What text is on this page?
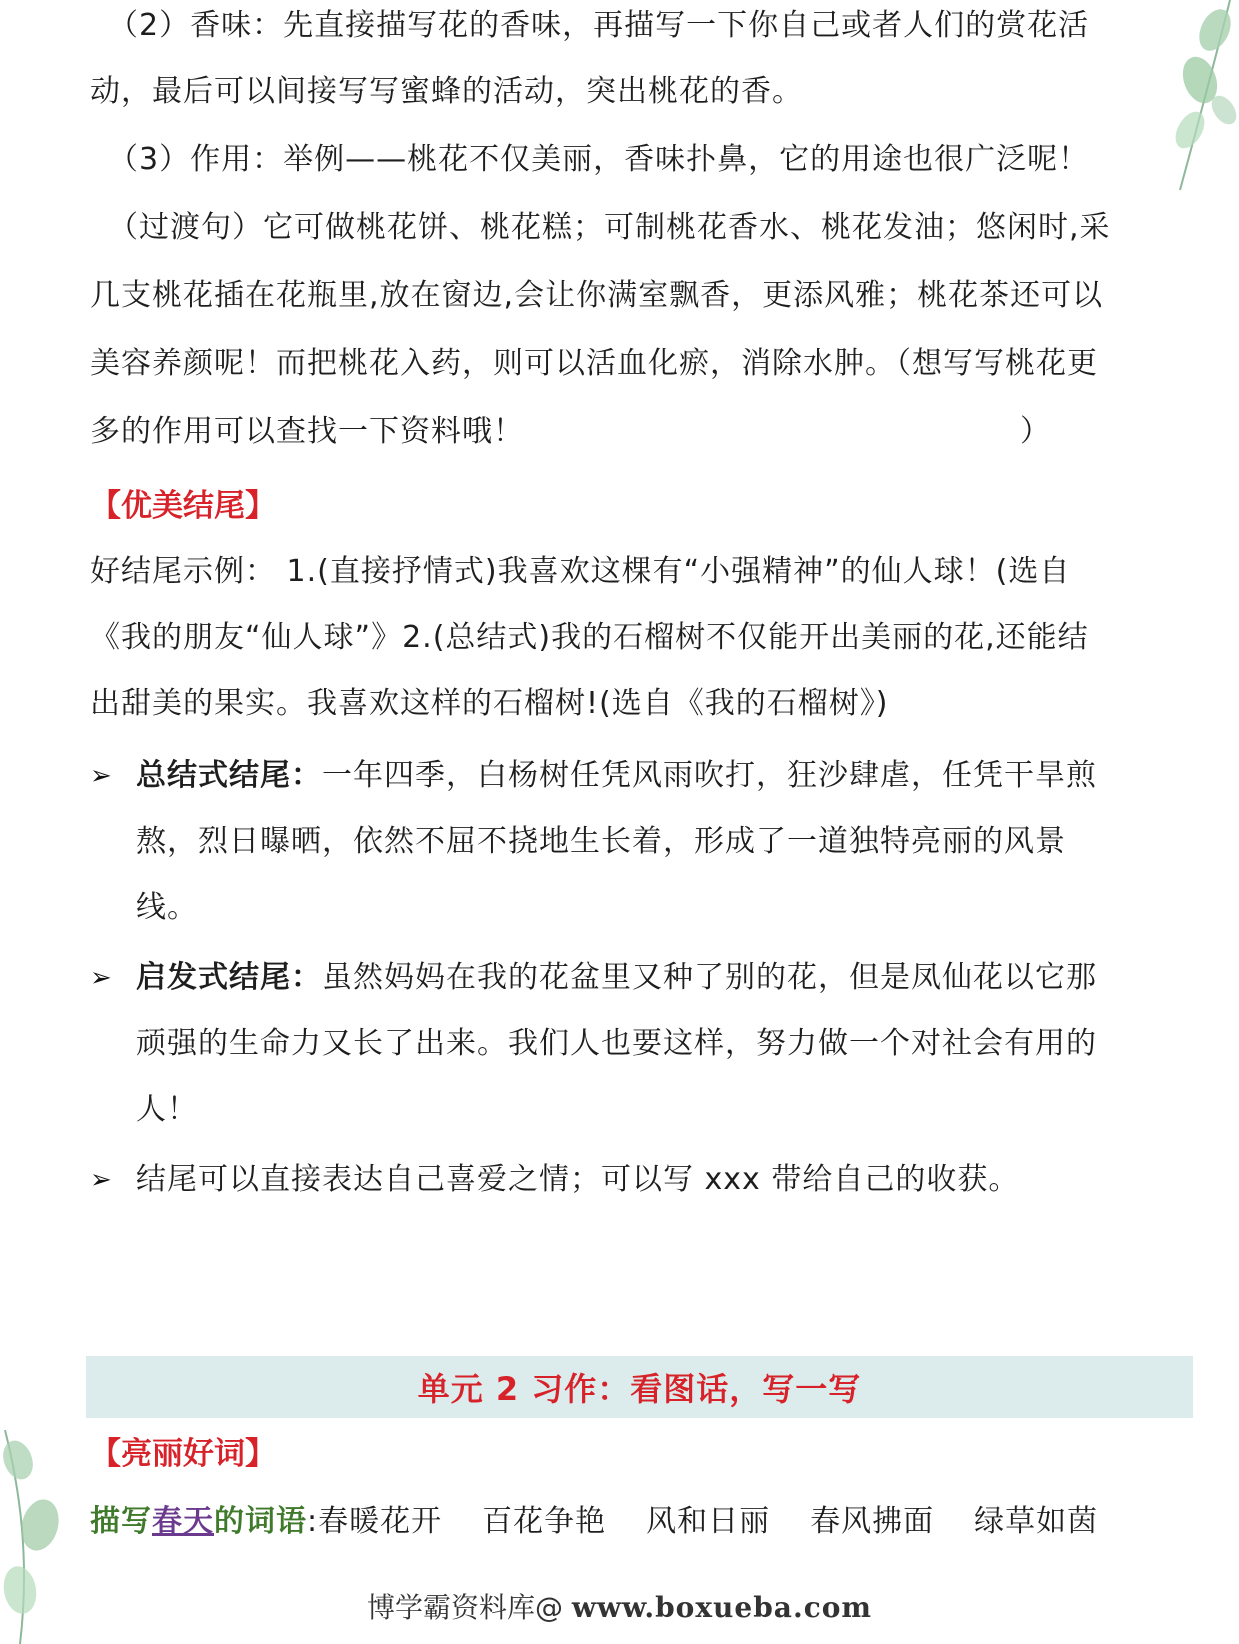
（2）香味：先直接描写花的香味，再描写一下你自己或者人们的赏花活
动，最后可以间接写写蜜蜂的活动，突出桃花的香。
（3）作用：举例——桃花不仅美丽，香味扑鼻，它的用途也很广泛呢！
（过渡句）它可做桃花饼、桃花糕；可制桃花香水、桃花发油；悠闲时,采
几支桃花插在花瓶里,放在窗边,会让你满室飘香，更添风雅；桃花茶还可以
美容养颜呢！而把桃花入药，则可以活血化瘀，消除水肿。（想写写桃花更
多的作用可以查找一下资料哦！	）
【优美结尾】
好结尾示例： 1.(直接抒情式)我喜欢这棵有“小强精神”的仙人球！(选自
《我的朋友“仙人球”》2.(总结式)我的石榴树不仅能开出美丽的花,还能结
出甜美的果实。我喜欢这样的石榴树!(选自《我的石榴树》)
➢ 总结式结尾：一年四季，白杨树任凭风雨吹打，狂沙肆虐，任凭干旱煎
熬，烈日曝晒，依然不屈不挠地生长着，形成了一道独特亮丽的风景
线。
➢ 启发式结尾：虽然妈妈在我的花盆里又种了别的花，但是凤仙花以它那
顽强的生命力又长了出来。我们人也要这样，努力做一个对社会有用的
人！
➢ 结尾可以直接表达自己喜爱之情；可以写 xxx 带给自己的收获。
单元 2 习作：看图话，写一写
【亮丽好词】
描写春天的词语:春暖花开 百花争艳 风和日丽 春风拂面 绿草如茵
博学霸资料库@ www.boxueba.com
